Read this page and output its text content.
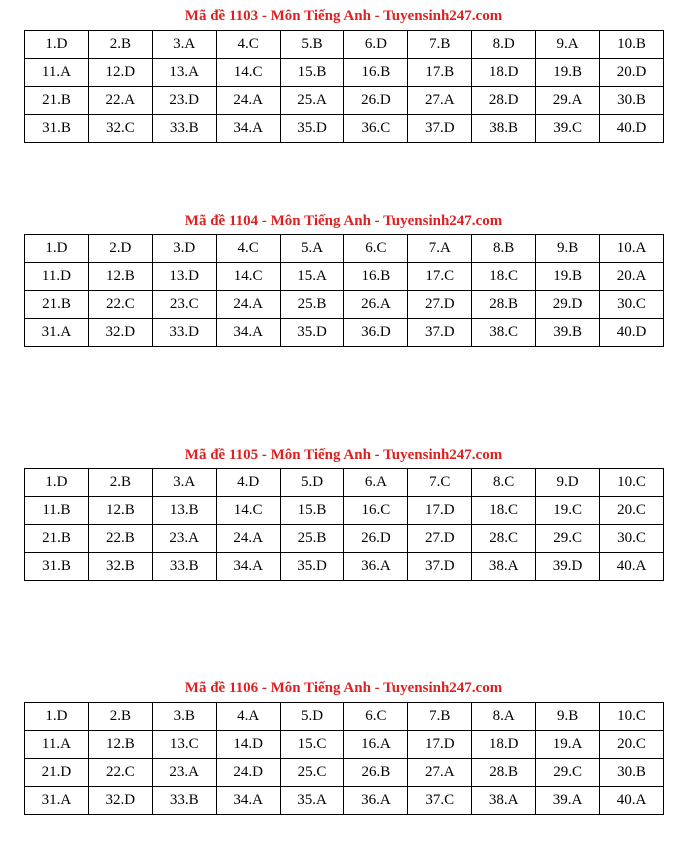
Mã đề 1103 - Môn Tiếng Anh - Tuyensinh247.com
1.D	2.B	3.A	4.C	5.B	6.D	7.B	8.D	9.A	10.B
11.A	12.D	13.A	14.C	15.B	16.B	17.B	18.D	19.B	20.D
21.B	22.A	23.D	24.A	25.A	26.D	27.A	28.D	29.A	30.B
31.B	32.C	33.B	34.A	35.D	36.C	37.D	38.B	39.C	40.D
Mã đề 1104 - Môn Tiếng Anh - Tuyensinh247.com
1.D	2.D	3.D	4.C	5.A	6.C	7.A	8.B	9.B	10.A
11.D	12.B	13.D	14.C	15.A	16.B	17.C	18.C	19.B	20.A
21.B	22.C	23.C	24.A	25.B	26.A	27.D	28.B	29.D	30.C
31.A	32.D	33.D	34.A	35.D	36.D	37.D	38.C	39.B	40.D
Mã đề 1105 - Môn Tiếng Anh - Tuyensinh247.com
1.D	2.B	3.A	4.D	5.D	6.A	7.C	8.C	9.D	10.C
11.B	12.B	13.B	14.C	15.B	16.C	17.D	18.C	19.C	20.C
21.B	22.B	23.A	24.A	25.B	26.D	27.D	28.C	29.C	30.C
31.B	32.B	33.B	34.A	35.D	36.A	37.D	38.A	39.D	40.A
Mã đề 1106 - Môn Tiếng Anh - Tuyensinh247.com
1.D	2.B	3.B	4.A	5.D	6.C	7.B	8.A	9.B	10.C
11.A	12.B	13.C	14.D	15.C	16.A	17.D	18.D	19.A	20.C
21.D	22.C	23.A	24.D	25.C	26.B	27.A	28.B	29.C	30.B
31.A	32.D	33.B	34.A	35.A	36.A	37.C	38.A	39.A	40.A
